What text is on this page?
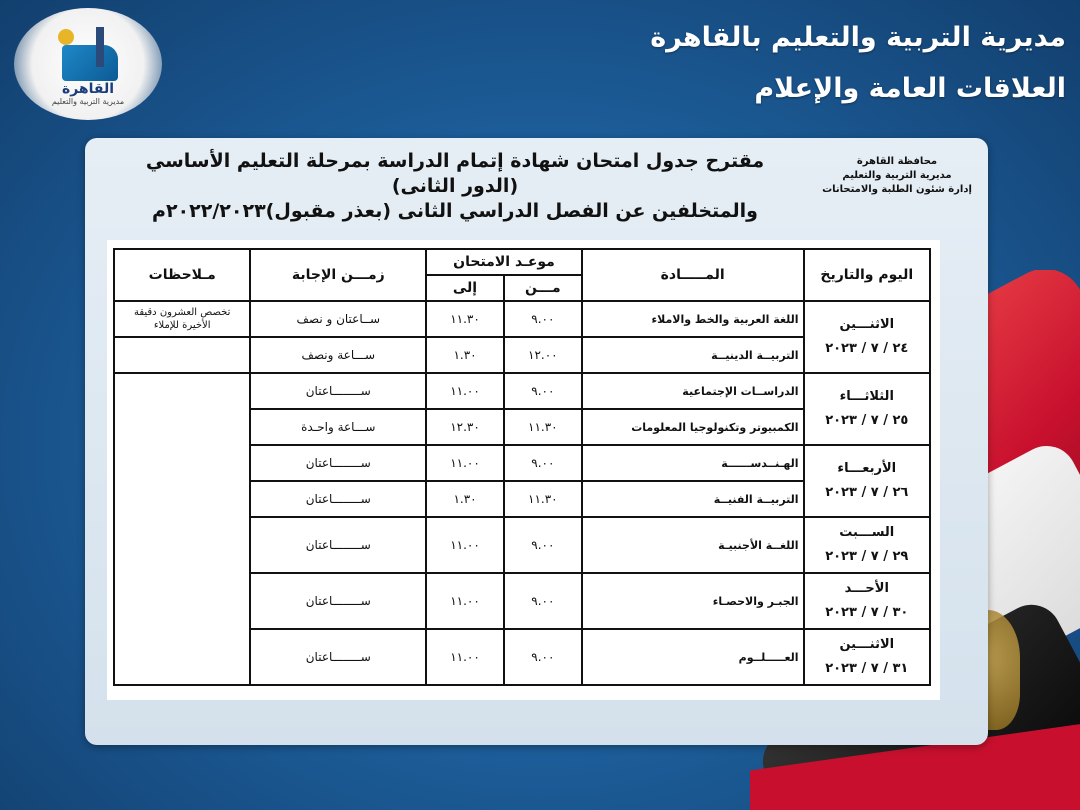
القاهرة
مديرية التربية والتعليم
مديرية التربية والتعليم بالقاهرة
العلاقات العامة والإعلام
محافظة القاهرة
مديرية التربية والتعليم
إدارة شئون الطلبة والامتحانات
مقترح جدول امتحان شهادة إتمام الدراسة بمرحلة التعليم الأساسي
(الدور الثانى)
والمتخلفين عن الفصل الدراسي الثانى (بعذر مقبول)٢٠٢٢/٢٠٢٣م
اليوم والتاريخ	المـــــادة	موعـد الامتحان		زمـــن الإجابة	مـلاحظات
		مـــن	إلى		

الاثنـــين
٢٤ / ٧ / ٢٠٢٣	اللغة العربية والخط والاملاء	٩.٠٠	١١.٣٠	ســاعتان و نصف	تخصص العشرون دقيقة الأخيرة للإملاء
	التربيــة الدينيــة	١٢.٠٠	١.٣٠	ســـاعة ونصف	

الثلاثـــاء
٢٥ / ٧ / ٢٠٢٣	الدراســات الإجتماعية	٩.٠٠	١١.٠٠	ســــــــاعتان	
	الكمبيوتر وتكنولوجيا المعلومات	١١.٣٠	١٢.٣٠	ســـاعة واحـدة	

الأربعـــاء
٢٦ / ٧ / ٢٠٢٣	الهـنــدســــــة	٩.٠٠	١١.٠٠	ســــــــاعتان	
	التربيــة الفنيــة	١١.٣٠	١.٣٠	ســــــــاعتان	

الســـبت
٢٩ / ٧ / ٢٠٢٣	اللغــة الأجنبيـة	٩.٠٠	١١.٠٠	ســــــــاعتان	

الأحـــد
٣٠ / ٧ / ٢٠٢٣	الجبـر والاحصـاء	٩.٠٠	١١.٠٠	ســــــــاعتان	

الاثنـــين
٣١ / ٧ / ٢٠٢٣	العـــــلــوم	٩.٠٠	١١.٠٠	ســــــــاعتان	
